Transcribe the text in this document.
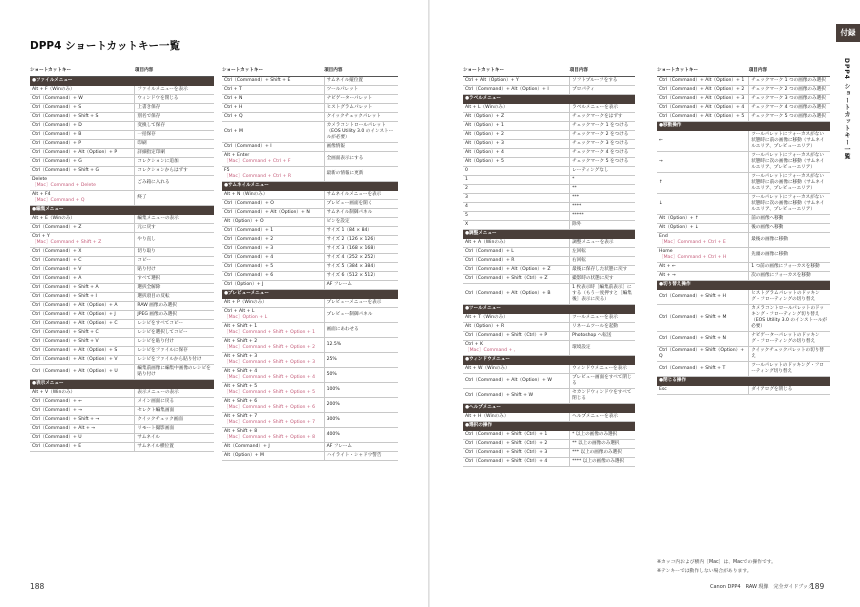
DPP4 ショートカットキー一覧
ショートカットキー	項目内容
●ファイルメニュー	

Alt + F（Winのみ）	ファイルメニューを表示

Ctrl（Command）+ W	ウィンドウを閉じる

Ctrl（Command）+ S	上書き保存

Ctrl（Command）+ Shift + S	別名で保存

Ctrl（Command）+ D	変換して保存

Ctrl（Command）+ B	一括保存

Ctrl（Command）+ P	印刷

Ctrl（Command）+ Alt（Option）+ P	詳細指定印刷

Ctrl（Command）+ G	コレクションに追加

Ctrl（Command）+ Shift + G	コレクションからはずす

Delete
［Mac］Command + Delete	ごみ箱に入れる

Alt + F4
［Mac］Command + Q	終了
●編集メニュー	

Alt + E（Winのみ）	編集メニューの表示

Ctrl（Command）+ Z	元に戻す

Ctrl + Y
［Mac］Command + Shift + Z	やり直し

Ctrl（Command）+ X	切り取り

Ctrl（Command）+ C	コピー

Ctrl（Command）+ V	貼り付け

Ctrl（Command）+ A	すべて選択

Ctrl（Command）+ Shift + A	選択全解除

Ctrl（Command）+ Shift + I	選択項目の反転

Ctrl（Command）+ Alt（Option）+ A	RAW 画像のみ選択

Ctrl（Command）+ Alt（Option）+ J	JPEG 画像のみ選択

Ctrl（Command）+ Alt（Option）+ C	レシピをすべてコピー

Ctrl（Command）+ Shift + C	レシピを選択してコピー

Ctrl（Command）+ Shift + V	レシピを貼り付け

Ctrl（Command）+ Alt（Option）+ S	レシピをファイルに保存

Ctrl（Command）+ Alt（Option）+ V	レシピをファイルから貼り付け

Ctrl（Command）+ Alt（Option）+ U	編集前画像に編集中画像のレシピを貼り付け
●表示メニュー	

Alt + V（Winのみ）	表示メニューの表示

Ctrl（Command）+ ←	メイン画面に戻る

Ctrl（Command）+ →	セレクト編集画面

Ctrl（Command）+ Shift + →	クイックチェック画面

Ctrl（Command）+ Alt + →	リモート撮影画面

Ctrl（Command）+ U	サムネイル

Ctrl（Command）+ E	サムネイル横位置
ショートカットキー	項目内容

Ctrl（Command）+ Shift + E	サムネイル縦位置

Ctrl + T	ツールパレット

Ctrl + N	ナビゲーターパレット

Ctrl + H	ヒストグラムパレット

Ctrl + Q	クイックチェックパレット

Ctrl + M	カメラコントロールパレット（EOS Utility 3.0 のインストールが必要）

Ctrl（Command）+ I	画像情報

Alt + Enter
［Mac］Command + Ctrl + F	全画面表示にする

F5
［Mac］Command + Ctrl + R	最新の情報に更新
●サムネイルメニュー	

Alt + N（Winのみ）	サムネイルメニューを表示

Ctrl（Command）+ O	プレビュー画面を開く

Ctrl（Command）+ Alt（Option）+ N	サムネイル制御パネル

Alt（Option）+ O	ピンを設定

Ctrl（Command）+ 1	サイズ 1（84 × 84）

Ctrl（Command）+ 2	サイズ 2（126 × 126）

Ctrl（Command）+ 3	サイズ 3（168 × 168）

Ctrl（Command）+ 4	サイズ 4（252 × 252）

Ctrl（Command）+ 5	サイズ 5（384 × 384）

Ctrl（Command）+ 6	サイズ 6（512 × 512）

Ctrl（Option）+ J	AF フレーム
●プレビューメニュー	

Alt + P（Winのみ）	プレビューメニューを表示

Ctrl + Alt + L
［Mac］Option + L	プレビュー制御パネル

Alt + Shift + 1
［Mac］Command + Shift + Option + 1	画面にあわせる

Alt + Shift + 2
［Mac］Command + Shift + Option + 2	12.5%

Alt + Shift + 3
［Mac］Command + Shift + Option + 3	25%

Alt + Shift + 4
［Mac］Command + Shift + Option + 4	50%

Alt + Shift + 5
［Mac］Command + Shift + Option + 5	100%

Alt + Shift + 6
［Mac］Command + Shift + Option + 6	200%

Alt + Shift + 7
［Mac］Command + Shift + Option + 7	300%

Alt + Shift + 8
［Mac］Command + Shift + Option + 8	400%

Alt（Command）+ J	AF フレーム

Alt（Option）+ M	ハイライト・シャドウ警告
ショートカットキー	項目内容

Ctrl + Alt（Option）+ Y	ソフトプルーフをする

Ctrl（Command）+ Alt（Option）+ I	プロパティ
●ラベルメニュー	

Alt + L（Winのみ）	ラベルメニューを表示

Alt（Option）+ Z	チェックマークをはずす

Alt（Option）+ 1	チェックマーク 1 をつける

Alt（Option）+ 2	チェックマーク 2 をつける

Alt（Option）+ 3	チェックマーク 3 をつける

Alt（Option）+ 4	チェックマーク 4 をつける

Alt（Option）+ 5	チェックマーク 5 をつける

0	レーティングなし

1	*

2	**

3	***

4	****

5	*****

X	除外
●調整メニュー	

Alt + A（Winのみ）	調整メニューを表示

Ctrl（Command）+ L	左回転

Ctrl（Command）+ R	右回転

Ctrl（Command）+ Alt（Option）+ Z	最後に保存した状態に戻す

Ctrl（Command）+ Shift（Ctrl）+ Z	撮影時の状態に戻す

Ctrl（Command）+ Alt（Option）+ B	1 枚表示時［編集前表示］にする（もう一度押すと［編集後］表示に戻る）
●ツールメニュー	

Alt + T（Winのみ）	ツールメニューを表示

Alt（Option）+ R	リネームツールを起動

Ctrl（Command）+ Shift（Ctrl）+ P	Photoshop へ転送

Ctrl + K
［Mac］Command + ,	環境設定
●ウィンドウメニュー	

Alt + W（Winのみ）	ウィンドウメニューを表示

Ctrl（Command）+ Alt（Option）+ W	プレビュー画面をすべて閉じる

Ctrl（Command）+ Shift + W	セカンドウィンドウをすべて閉じる
●ヘルプメニュー	

Alt + H（Winのみ）	ヘルプメニューを表示
●選択の操作	

Ctrl（Command）+ Shift（Ctrl）+ 1	* 以上の画像のみ選択

Ctrl（Command）+ Shift（Ctrl）+ 2	** 以上の画像のみ選択

Ctrl（Command）+ Shift（Ctrl）+ 3	*** 以上の画像のみ選択

Ctrl（Command）+ Shift（Ctrl）+ 4	**** 以上の画像のみ選択
ショートカットキー	項目内容

Ctrl（Command）+ Alt（Option）+ 1	チェックマーク 1 つの画像のみ選択

Ctrl（Command）+ Alt（Option）+ 2	チェックマーク 2 つの画像のみ選択

Ctrl（Command）+ Alt（Option）+ 3	チェックマーク 3 つの画像のみ選択

Ctrl（Command）+ Alt（Option）+ 4	チェックマーク 4 つの画像のみ選択

Ctrl（Command）+ Alt（Option）+ 5	チェックマーク 5 つの画像のみ選択
●移動操作	

←	ツールパレットにフォーカスがない状態時に前の画像に移動（サムネイルエリア、プレビューエリア）

→	ツールパレットにフォーカスがない状態時に次の画像に移動（サムネイルエリア、プレビューエリア）

↑	ツールパレットにフォーカスがない状態時に前の画像に移動（サムネイルエリア、プレビューエリア）

↓	ツールパレットにフォーカスがない状態時に次の画像に移動（サムネイルエリア、プレビューエリア）

Alt（Option）+ ↑	前の画像へ移動

Alt（Option）+ ↓	後の画像へ移動

End
［Mac］Command + Ctrl + E	最後の画像に移動

Home
［Mac］Command + Ctrl + H	先頭の画像に移動

Alt + ←	1 つ前の画像にフォーカスを移動

Alt + →	次の画像にフォーカスを移動
●切り替え操作	

Ctrl（Command）+ Shift + H	ヒストグラムパレットのドッキング・フローティングの切り替え

Ctrl（Command）+ Shift + M	カメラコントロールパレットのドッキング・フローティング切り替え（EOS Utility 3.0 のインストールが必要）

Ctrl（Command）+ Shift + N	ナビゲーターパレットのドッキング・フローティングの切り替え

Ctrl（Command）+ Shift（Option）+ Q	クイックチェックパレットの切り替え

Ctrl（Command）+ Shift + T	ツールパレットのドッキング・フローティング切り替え
●閉じる操作	

Esc	ダイアログを閉じる
※カッコ内および横内［Mac］は、Macでの操作です。
※テンキーでは動作しない場合があります。
188	Canon DPP4　RAW 現像　完全ガイドブック
189
付録
DPP4 ショートカットキー一覧
